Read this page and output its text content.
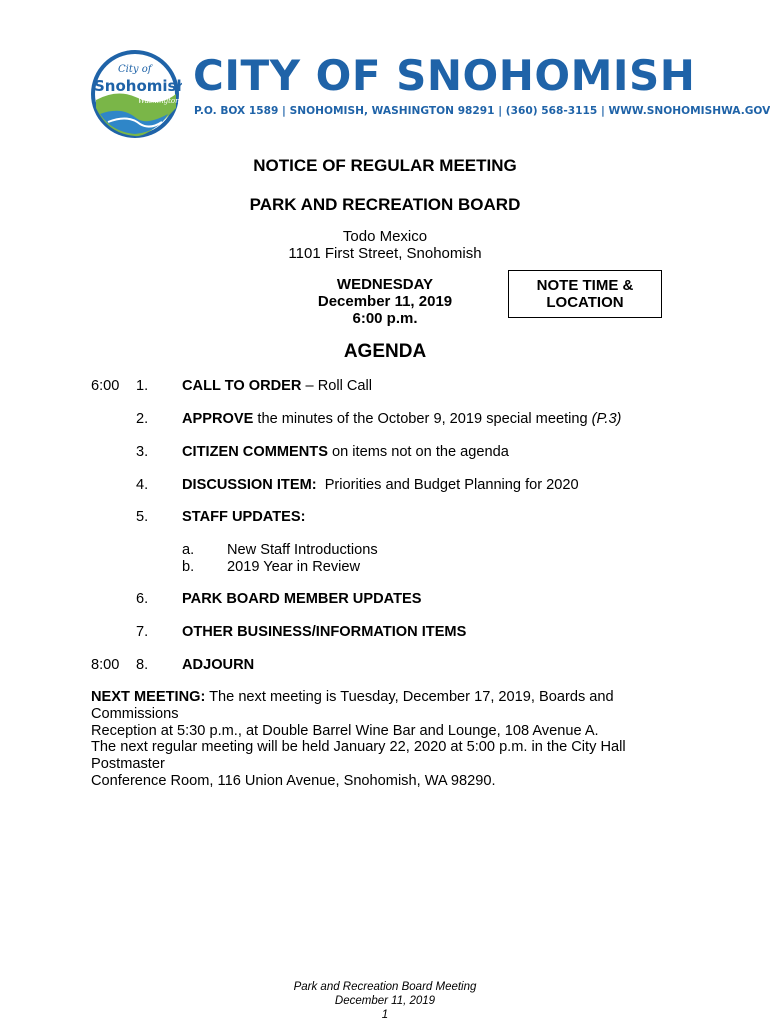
City of
Snohomish
Washington
CITY OF SNOHOMISH
P.O. BOX 1589 | SNOHOMISH, WASHINGTON 98291 | (360) 568-3115 | WWW.SNOHOMISHWA.GOV
NOTICE OF REGULAR MEETING
PARK AND RECREATION BOARD
Todo Mexico
1101 First Street, Snohomish
WEDNESDAY
December 11, 2019
6:00 p.m.
NOTE TIME &
LOCATION
AGENDA
6:00 1. CALL TO ORDER – Roll Call
2. APPROVE the minutes of the October 9, 2019 special meeting (P.3)
3. CITIZEN COMMENTS on items not on the agenda
4. DISCUSSION ITEM:  Priorities and Budget Planning for 2020
5. STAFF UPDATES:
a. New Staff Introductions
b. 2019 Year in Review
6. PARK BOARD MEMBER UPDATES
7. OTHER BUSINESS/INFORMATION ITEMS
8:00 8. ADJOURN
NEXT MEETING: The next meeting is Tuesday, December 17, 2019, Boards and Commissions
Reception at 5:30 p.m., at Double Barrel Wine Bar and Lounge, 108 Avenue A.
The next regular meeting will be held January 22, 2020 at 5:00 p.m. in the City Hall Postmaster
Conference Room, 116 Union Avenue, Snohomish, WA 98290.
Park and Recreation Board Meeting
December 11, 2019
1
